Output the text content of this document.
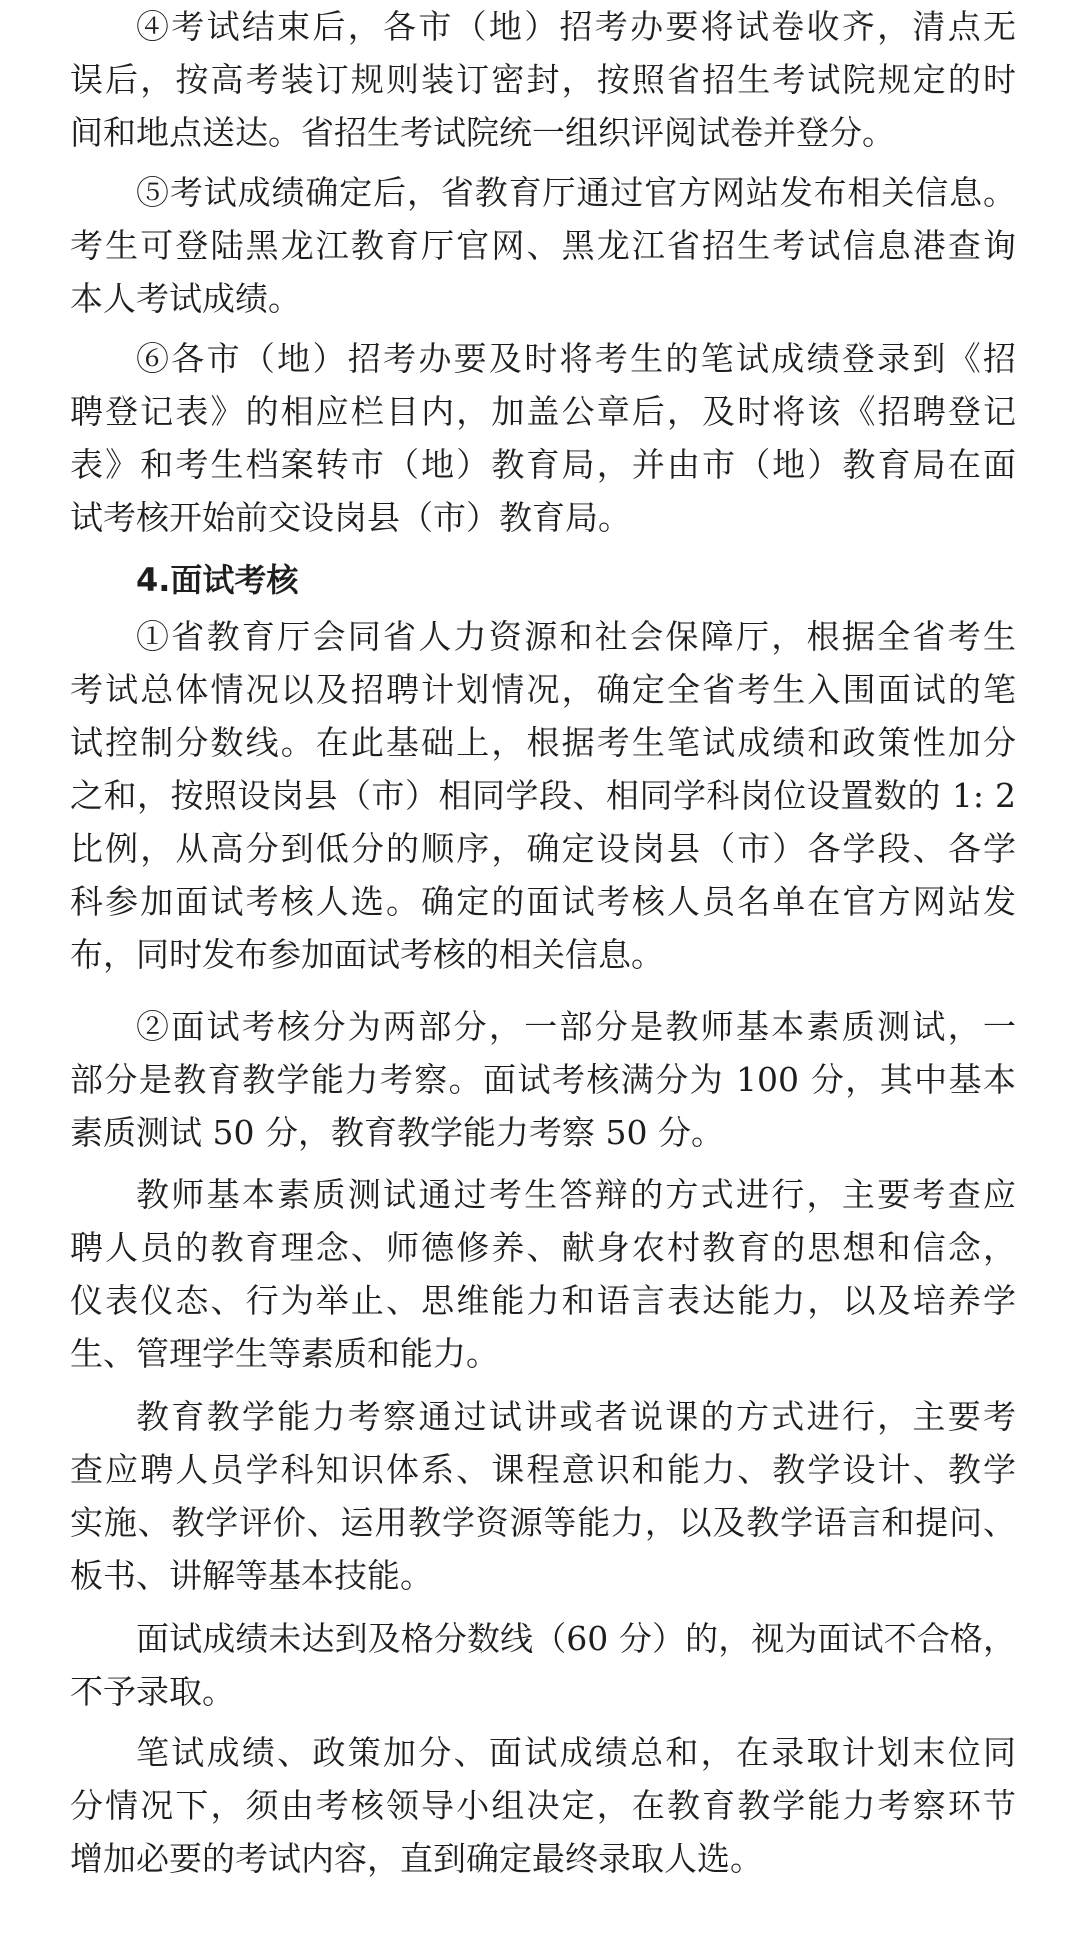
④考试结束后，各市（地）招考办要将试卷收齐，清点无
误后，按高考装订规则装订密封，按照省招生考试院规定的时
间和地点送达。省招生考试院统一组织评阅试卷并登分。
⑤考试成绩确定后，省教育厅通过官方网站发布相关信息。
考生可登陆黑龙江教育厅官网、黑龙江省招生考试信息港查询
本人考试成绩。
⑥各市（地）招考办要及时将考生的笔试成绩登录到《招
聘登记表》的相应栏目内，加盖公章后，及时将该《招聘登记
表》和考生档案转市（地）教育局，并由市（地）教育局在面
试考核开始前交设岗县（市）教育局。
4.面试考核
①省教育厅会同省人力资源和社会保障厅，根据全省考生
考试总体情况以及招聘计划情况，确定全省考生入围面试的笔
试控制分数线。在此基础上，根据考生笔试成绩和政策性加分
之和，按照设岗县（市）相同学段、相同学科岗位设置数的 1: 2
比例，从高分到低分的顺序，确定设岗县（市）各学段、各学
科参加面试考核人选。确定的面试考核人员名单在官方网站发
布，同时发布参加面试考核的相关信息。
②面试考核分为两部分，一部分是教师基本素质测试，一
部分是教育教学能力考察。面试考核满分为 100 分，其中基本
素质测试 50 分，教育教学能力考察 50 分。
教师基本素质测试通过考生答辩的方式进行，主要考查应
聘人员的教育理念、师德修养、献身农村教育的思想和信念，
仪表仪态、行为举止、思维能力和语言表达能力，以及培养学
生、管理学生等素质和能力。
教育教学能力考察通过试讲或者说课的方式进行，主要考
查应聘人员学科知识体系、课程意识和能力、教学设计、教学
实施、教学评价、运用教学资源等能力，以及教学语言和提问、
板书、讲解等基本技能。
面试成绩未达到及格分数线（60 分）的，视为面试不合格，
不予录取。
笔试成绩、政策加分、面试成绩总和，在录取计划末位同
分情况下，须由考核领导小组决定，在教育教学能力考察环节
增加必要的考试内容，直到确定最终录取人选。
